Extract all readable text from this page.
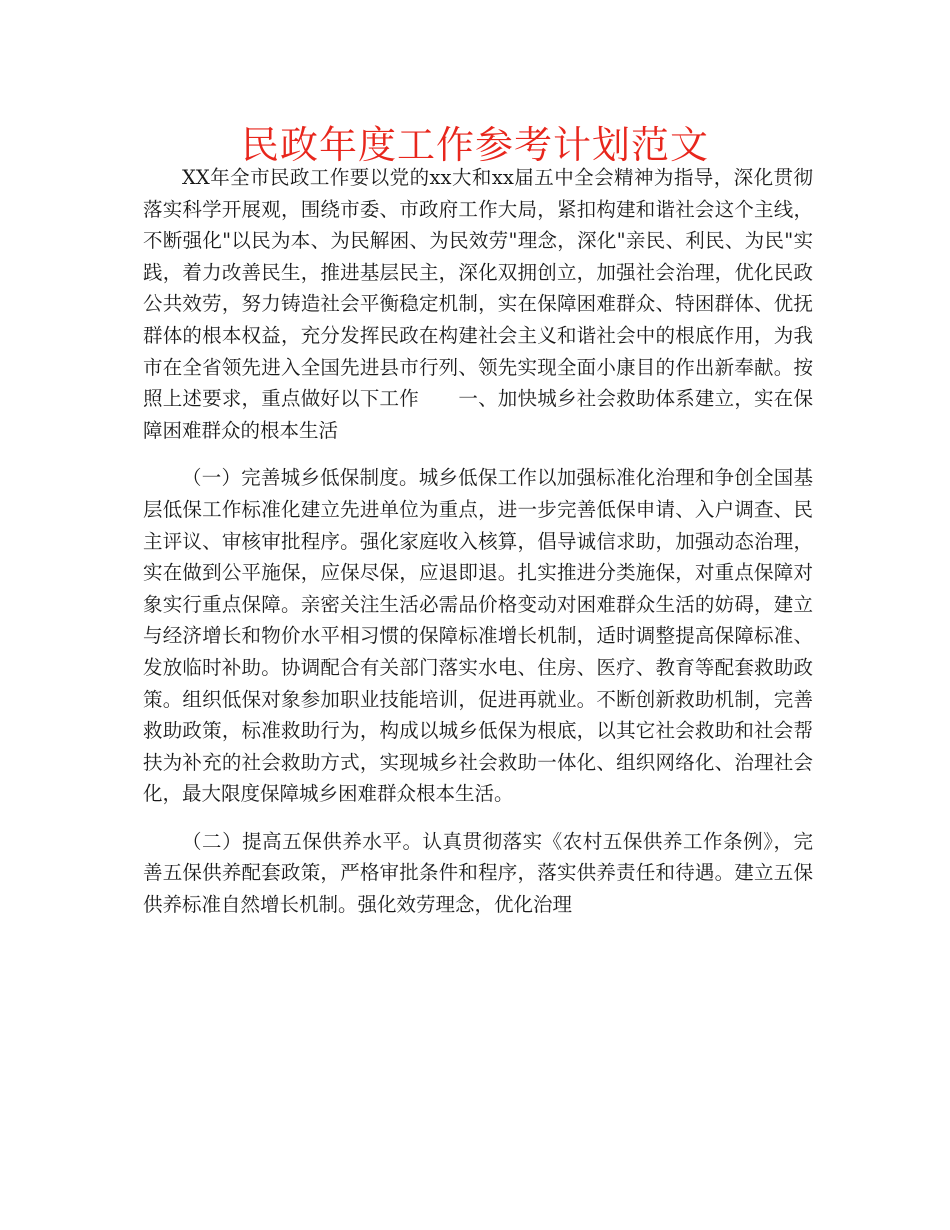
民政年度工作参考计划范文

XX年全市民政工作要以党的xx大和xx届五中全会精神为指导，深化贯彻落实科学开展观，围绕市委、市政府工作大局，紧扣构建和谐社会这个主线，不断强化"以民为本、为民解困、为民效劳"理念，深化"亲民、利民、为民"实践，着力改善民生，推进基层民主，深化双拥创立，加强社会治理，优化民政公共效劳，努力铸造社会平衡稳定机制，实在保障困难群众、特困群体、优抚群体的根本权益，充分发挥民政在构建社会主义和谐社会中的根底作用，为我市在全省领先进入全国先进县市行列、领先实现全面小康目的作出新奉献。按照上述要求，重点做好以下工作　　一、加快城乡社会救助体系建立，实在保障困难群众的根本生活

（一）完善城乡低保制度。城乡低保工作以加强标准化治理和争创全国基层低保工作标准化建立先进单位为重点，进一步完善低保申请、入户调查、民主评议、审核审批程序。强化家庭收入核算，倡导诚信求助，加强动态治理，实在做到公平施保，应保尽保，应退即退。扎实推进分类施保，对重点保障对象实行重点保障。亲密关注生活必需品价格变动对困难群众生活的妨碍，建立与经济增长和物价水平相习惯的保障标准增长机制，适时调整提高保障标准、发放临时补助。协调配合有关部门落实水电、住房、医疗、教育等配套救助政策。组织低保对象参加职业技能培训，促进再就业。不断创新救助机制，完善救助政策，标准救助行为，构成以城乡低保为根底，以其它社会救助和社会帮扶为补充的社会救助方式，实现城乡社会救助一体化、组织网络化、治理社会化，最大限度保障城乡困难群众根本生活。

（二）提高五保供养水平。认真贯彻落实《农村五保供养工作条例》，完善五保供养配套政策，严格审批条件和程序，落实供养责任和待遇。建立五保供养标准自然增长机制。强化效劳理念，优化治理
